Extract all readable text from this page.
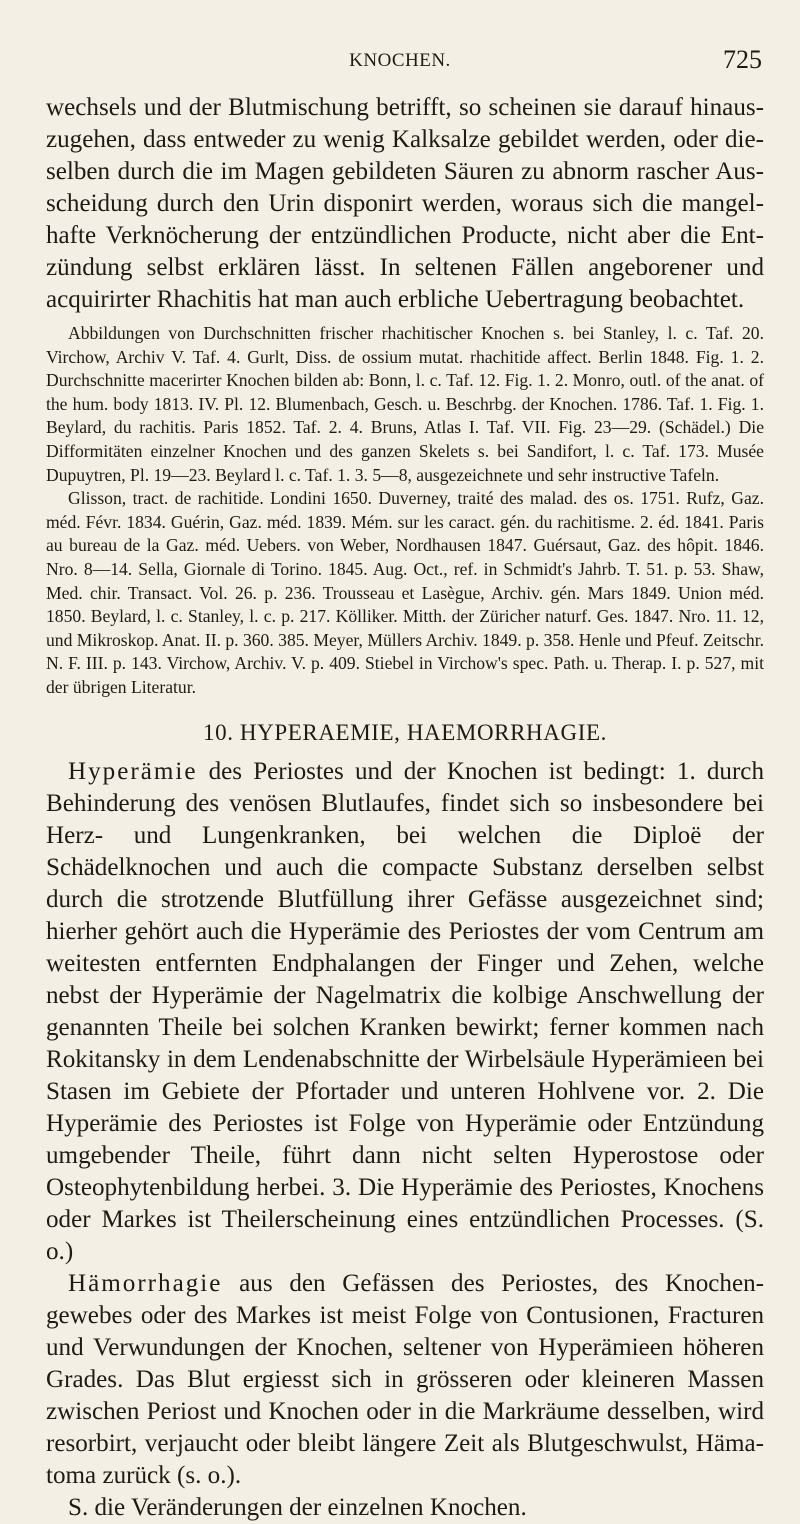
KNOCHEN.	725

wechsels und der Blutmischung betrifft, so scheinen sie darauf hinaus-zugehen, dass entweder zu wenig Kalksalze gebildet werden, oder die-selben durch die im Magen gebildeten Säuren zu abnorm rascher Aus-scheidung durch den Urin disponirt werden, woraus sich die mangel-hafte Verknöcherung der entzündlichen Producte, nicht aber die Ent-zündung selbst erklären lässt. In seltenen Fällen angeborener und acquirirter Rhachitis hat man auch erbliche Uebertragung beobachtet.

Abbildungen von Durchschnitten frischer rhachitischer Knochen s. bei Stanley, l. c. Taf. 20. Virchow, Archiv V. Taf. 4. Gurlt, Diss. de ossium mutat. rhachitide affect. Berlin 1848. Fig. 1. 2. Durchschnitte macerirter Knochen bilden ab: Bonn, l. c. Taf. 12. Fig. 1. 2. Monro, outl. of the anat. of the hum. body 1813. IV. Pl. 12. Blumenbach, Gesch. u. Beschrbg. der Knochen. 1786. Taf. 1. Fig. 1. Beylard, du rachitis. Paris 1852. Taf. 2. 4. Bruns, Atlas I. Taf. VII. Fig. 23—29. (Schädel.) Die Difformitäten einzelner Knochen und des ganzen Skelets s. bei Sandifort, l. c. Taf. 173. Musée Dupuytren, Pl. 19—23. Beylard l. c. Taf. 1. 3. 5—8, ausgezeichnete und sehr instructive Tafeln.

Glisson, tract. de rachitide. Londini 1650. Duverney, traité des malad. des os. 1751. Rufz, Gaz. méd. Févr. 1834. Guérin, Gaz. méd. 1839. Mém. sur les caract. gén. du rachitisme. 2. éd. 1841. Paris au bureau de la Gaz. méd. Uebers. von Weber, Nordhausen 1847. Guérsaut, Gaz. des hôpit. 1846. Nro. 8—14. Sella, Giornale di Torino. 1845. Aug. Oct., ref. in Schmidt's Jahrb. T. 51. p. 53. Shaw, Med. chir. Transact. Vol. 26. p. 236. Trousseau et Lasègue, Archiv. gén. Mars 1849. Union méd. 1850. Beylard, l. c. Stanley, l. c. p. 217. Kölliker. Mitth. der Züricher naturf. Ges. 1847. Nro. 11. 12, und Mikroskop. Anat. II. p. 360. 385. Meyer, Müllers Archiv. 1849. p. 358. Henle und Pfeuf. Zeitschr. N. F. III. p. 143. Virchow, Archiv. V. p. 409. Stiebel in Virchow's spec. Path. u. Therap. I. p. 527, mit der übrigen Literatur.

10. HYPERAEMIE, HAEMORRHAGIE.

Hyperämie des Periostes und der Knochen ist bedingt: 1. durch Behinderung des venösen Blutlaufes, findet sich so insbesondere bei Herz- und Lungenkranken, bei welchen die Diploë der Schädelknochen und auch die compacte Substanz derselben selbst durch die strotzende Blutfüllung ihrer Gefässe ausgezeichnet sind; hierher gehört auch die Hyperämie des Periostes der vom Centrum am weitesten entfernten Endphalangen der Finger und Zehen, welche nebst der Hyperämie der Nagelmatrix die kolbige Anschwellung der genannten Theile bei solchen Kranken bewirkt; ferner kommen nach Rokitansky in dem Lendenabschnitte der Wirbelsäule Hyperämieen bei Stasen im Gebiete der Pfortader und unteren Hohlvene vor. 2. Die Hyperämie des Periostes ist Folge von Hyperämie oder Entzündung umgebender Theile, führt dann nicht selten Hyperostose oder Osteophytenbildung herbei. 3. Die Hyperämie des Periostes, Knochens oder Markes ist Theilerscheinung eines entzündlichen Processes. (S. o.)

Hämorrhagie aus den Gefässen des Periostes, des Knochen-gewebes oder des Markes ist meist Folge von Contusionen, Fracturen und Verwundungen der Knochen, seltener von Hyperämieen höheren Grades. Das Blut ergiesst sich in grösseren oder kleineren Massen zwischen Periost und Knochen oder in die Markräume desselben, wird resorbirt, verjaucht oder bleibt längere Zeit als Blutgeschwulst, Häma-toma zurück (s. o.).

S. die Veränderungen der einzelnen Knochen.
